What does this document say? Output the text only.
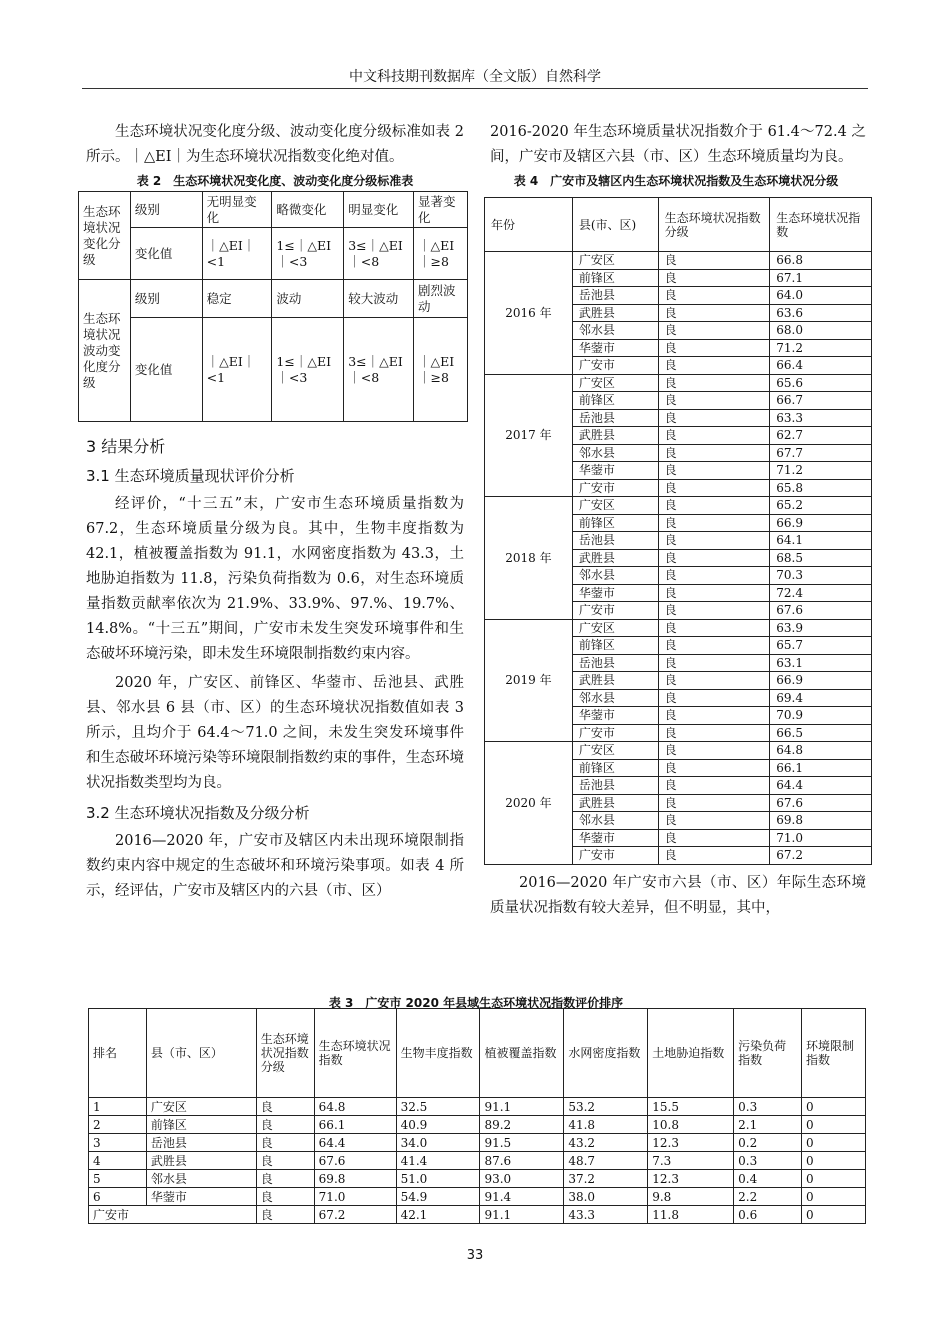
中文科技期刊数据库（全文版）自然科学

生态环境状况变化度分级、波动变化度分级标准如表 2 所示。｜△EI｜为生态环境状况指数变化绝对值。

表 2　生态环境状况变化度、波动变化度分级标准表
生态环境状况变化分级	级别	无明显变化	略微变化	明显变化	显著变化
	变化值	｜△EI｜<1	1≤｜△EI｜<3	3≤｜△EI｜<8	｜△EI｜≥8
生态环境状况波动变化度分级	级别	稳定	波动	较大波动	剧烈波动
	变化值	｜△EI｜<1	1≤｜△EI｜<3	3≤｜△EI｜<8	｜△EI｜≥8
3 结果分析
3.1 生态环境质量现状评价分析

经评价，“十三五”末，广安市生态环境质量指数为 67.2，生态环境质量分级为良。其中，生物丰度指数为 42.1，植被覆盖指数为 91.1，水网密度指数为 43.3，土地胁迫指数为 11.8，污染负荷指数为 0.6，对生态环境质量指数贡献率依次为 21.9%、33.9%、97.%、19.7%、14.8%。“十三五”期间，广安市未发生突发环境事件和生态破坏环境污染，即未发生环境限制指数约束内容。

2020 年，广安区、前锋区、华蓥市、岳池县、武胜县、邻水县 6 县（市、区）的生态环境状况指数值如表 3 所示，且均介于 64.4～71.0 之间，未发生突发环境事件和生态破坏环境污染等环境限制指数约束的事件，生态环境状况指数类型均为良。

3.2 生态环境状况指数及分级分析

2016—2020 年，广安市及辖区内未出现环境限制指数约束内容中规定的生态破坏和环境污染事项。如表 4 所示，经评估，广安市及辖区内的六县（市、区）

2016-2020 年生态环境质量状况指数介于 61.4～72.4 之间，广安市及辖区六县（市、区）生态环境质量均为良。

表 4　广安市及辖区内生态环境状况指数及生态环境状况分级
年份	县(市、区)	生态环境状况指数分级	生态环境状况指数
2016 年	广安区	良	66.8
	前锋区	良	67.1
	岳池县	良	64.0
	武胜县	良	63.6
	邻水县	良	68.0
	华蓥市	良	71.2
	广安市	良	66.4
2017 年	广安区	良	65.6
	前锋区	良	66.7
	岳池县	良	63.3
	武胜县	良	62.7
	邻水县	良	67.7
	华蓥市	良	71.2
	广安市	良	65.8
2018 年	广安区	良	65.2
	前锋区	良	66.9
	岳池县	良	64.1
	武胜县	良	68.5
	邻水县	良	70.3
	华蓥市	良	72.4
	广安市	良	67.6
2019 年	广安区	良	63.9
	前锋区	良	65.7
	岳池县	良	63.1
	武胜县	良	66.9
	邻水县	良	69.4
	华蓥市	良	70.9
	广安市	良	66.5
2020 年	广安区	良	64.8
	前锋区	良	66.1
	岳池县	良	64.4
	武胜县	良	67.6
	邻水县	良	69.8
	华蓥市	良	71.0
	广安市	良	67.2

2016—2020 年广安市六县（市、区）年际生态环境质量状况指数有较大差异，但不明显，其中，

表 3　广安市 2020 年县域生态环境状况指数评价排序
排名	县（市、区）	生态环境状况指数分级	生态环境状况指数	生物丰度指数	植被覆盖指数	水网密度指数	土地胁迫指数	污染负荷指数	环境限制指数
1	广安区	良	64.8	32.5	91.1	53.2	15.5	0.3	0
2	前锋区	良	66.1	40.9	89.2	41.8	10.8	2.1	0
3	岳池县	良	64.4	34.0	91.5	43.2	12.3	0.2	0
4	武胜县	良	67.6	41.4	87.6	48.7	7.3	0.3	0
5	邻水县	良	69.8	51.0	93.0	37.2	12.3	0.4	0
6	华蓥市	良	71.0	54.9	91.4	38.0	9.8	2.2	0
广安市		良	67.2	42.1	91.1	43.3	11.8	0.6	0
33
